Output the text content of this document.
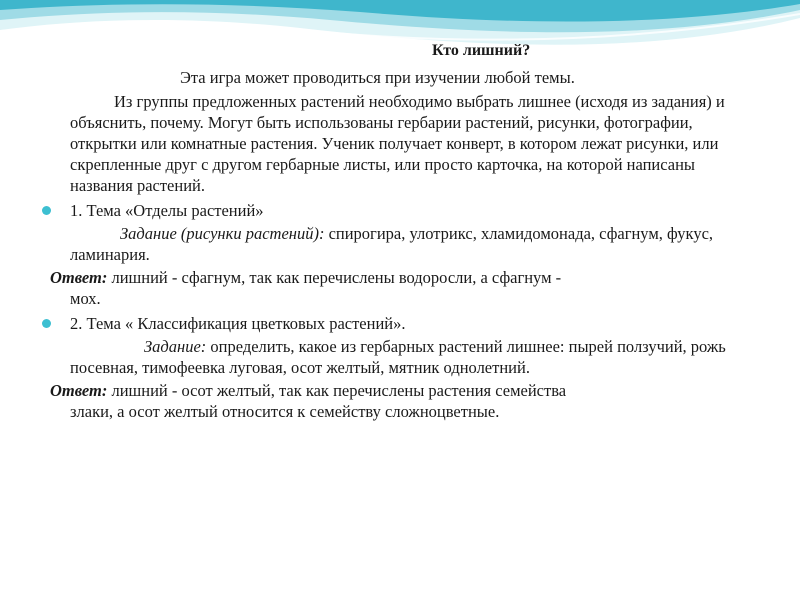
Кто лишний?

Эта игра может проводиться при изучении любой темы.

Из группы предложенных растений необходимо выбрать лишнее (исходя из задания) и объяснить, почему. Могут быть использованы гербарии растений, рисунки, фотографии, открытки или комнатные растения. Ученик получает конверт, в котором лежат рисунки, или скрепленные друг с другом гербарные листы, или просто карточка, на которой написаны названия растений.

1. Тема «Отделы растений»

Задание (рисунки растений): спирогира, улотрикс, хламидомонада, сфагнум, фукус, ламинария.

Ответ: лишний - сфагнум, так как перечислены водоросли, а сфагнум -

мох.

2. Тема « Классификация цветковых растений».

Задание: определить, какое из гербарных растений лишнее: пырей ползучий, рожь посевная, тимофеевка луговая, осот желтый, мятник однолетний.

Ответ: лишний - осот желтый, так как перечислены растения семейства

злаки, а осот желтый относится к семейству сложноцветные.
